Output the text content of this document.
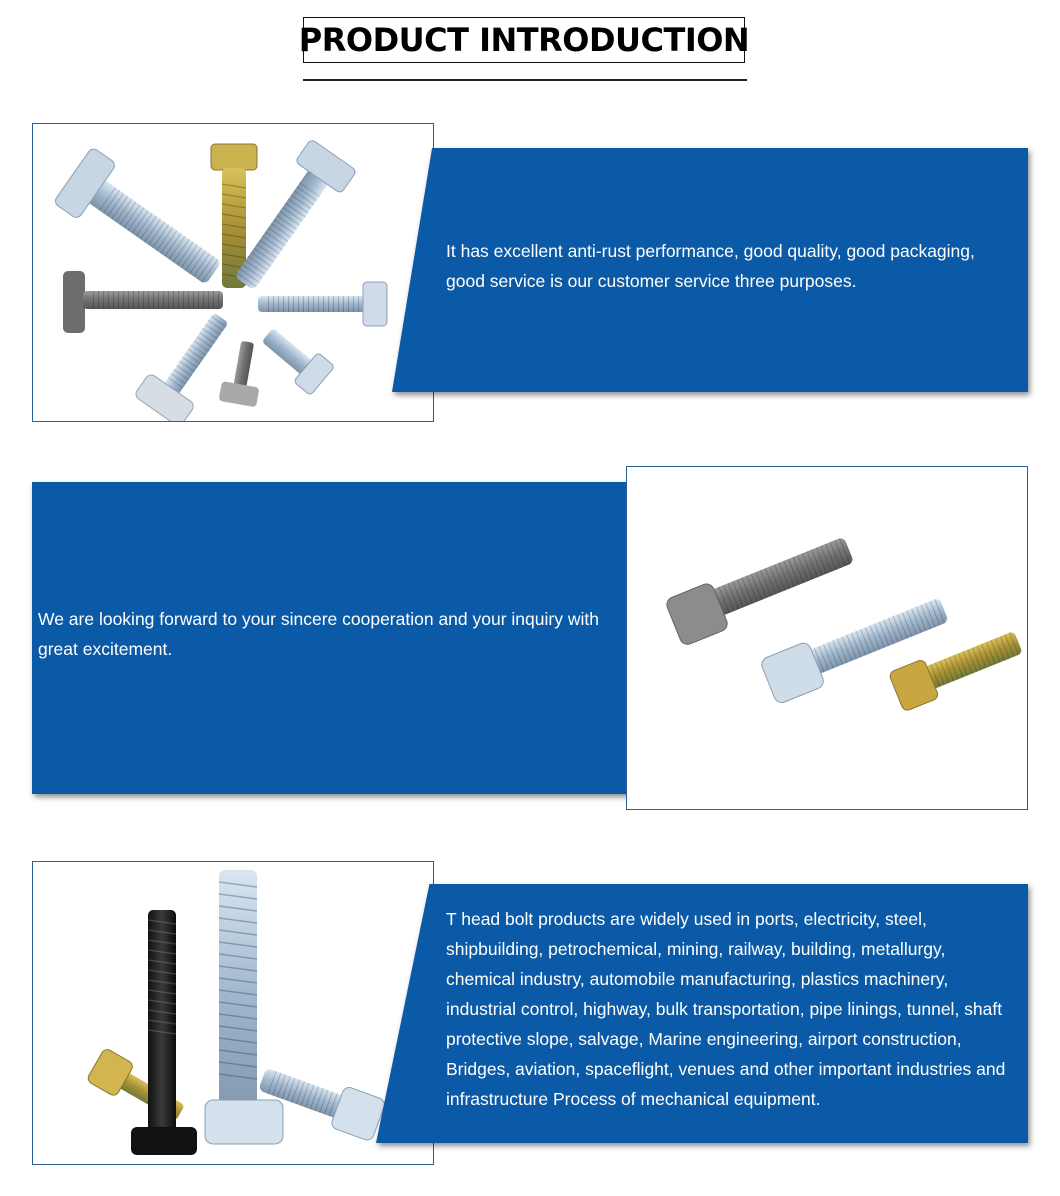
PRODUCT INTRODUCTION

It has excellent anti-rust performance, good quality, good packaging, good service is our customer service three purposes.

We are looking forward to your sincere cooperation and your inquiry with great excitement.

T head bolt products are widely used in ports, electricity, steel, shipbuilding, petrochemical, mining, railway, building, metallurgy, chemical industry, automobile manufacturing, plastics machinery, industrial control, highway, bulk transportation, pipe linings, tunnel, shaft protective slope, salvage, Marine engineering, airport construction, Bridges, aviation, spaceflight, venues and other important industries and infrastructure Process of mechanical equipment.
